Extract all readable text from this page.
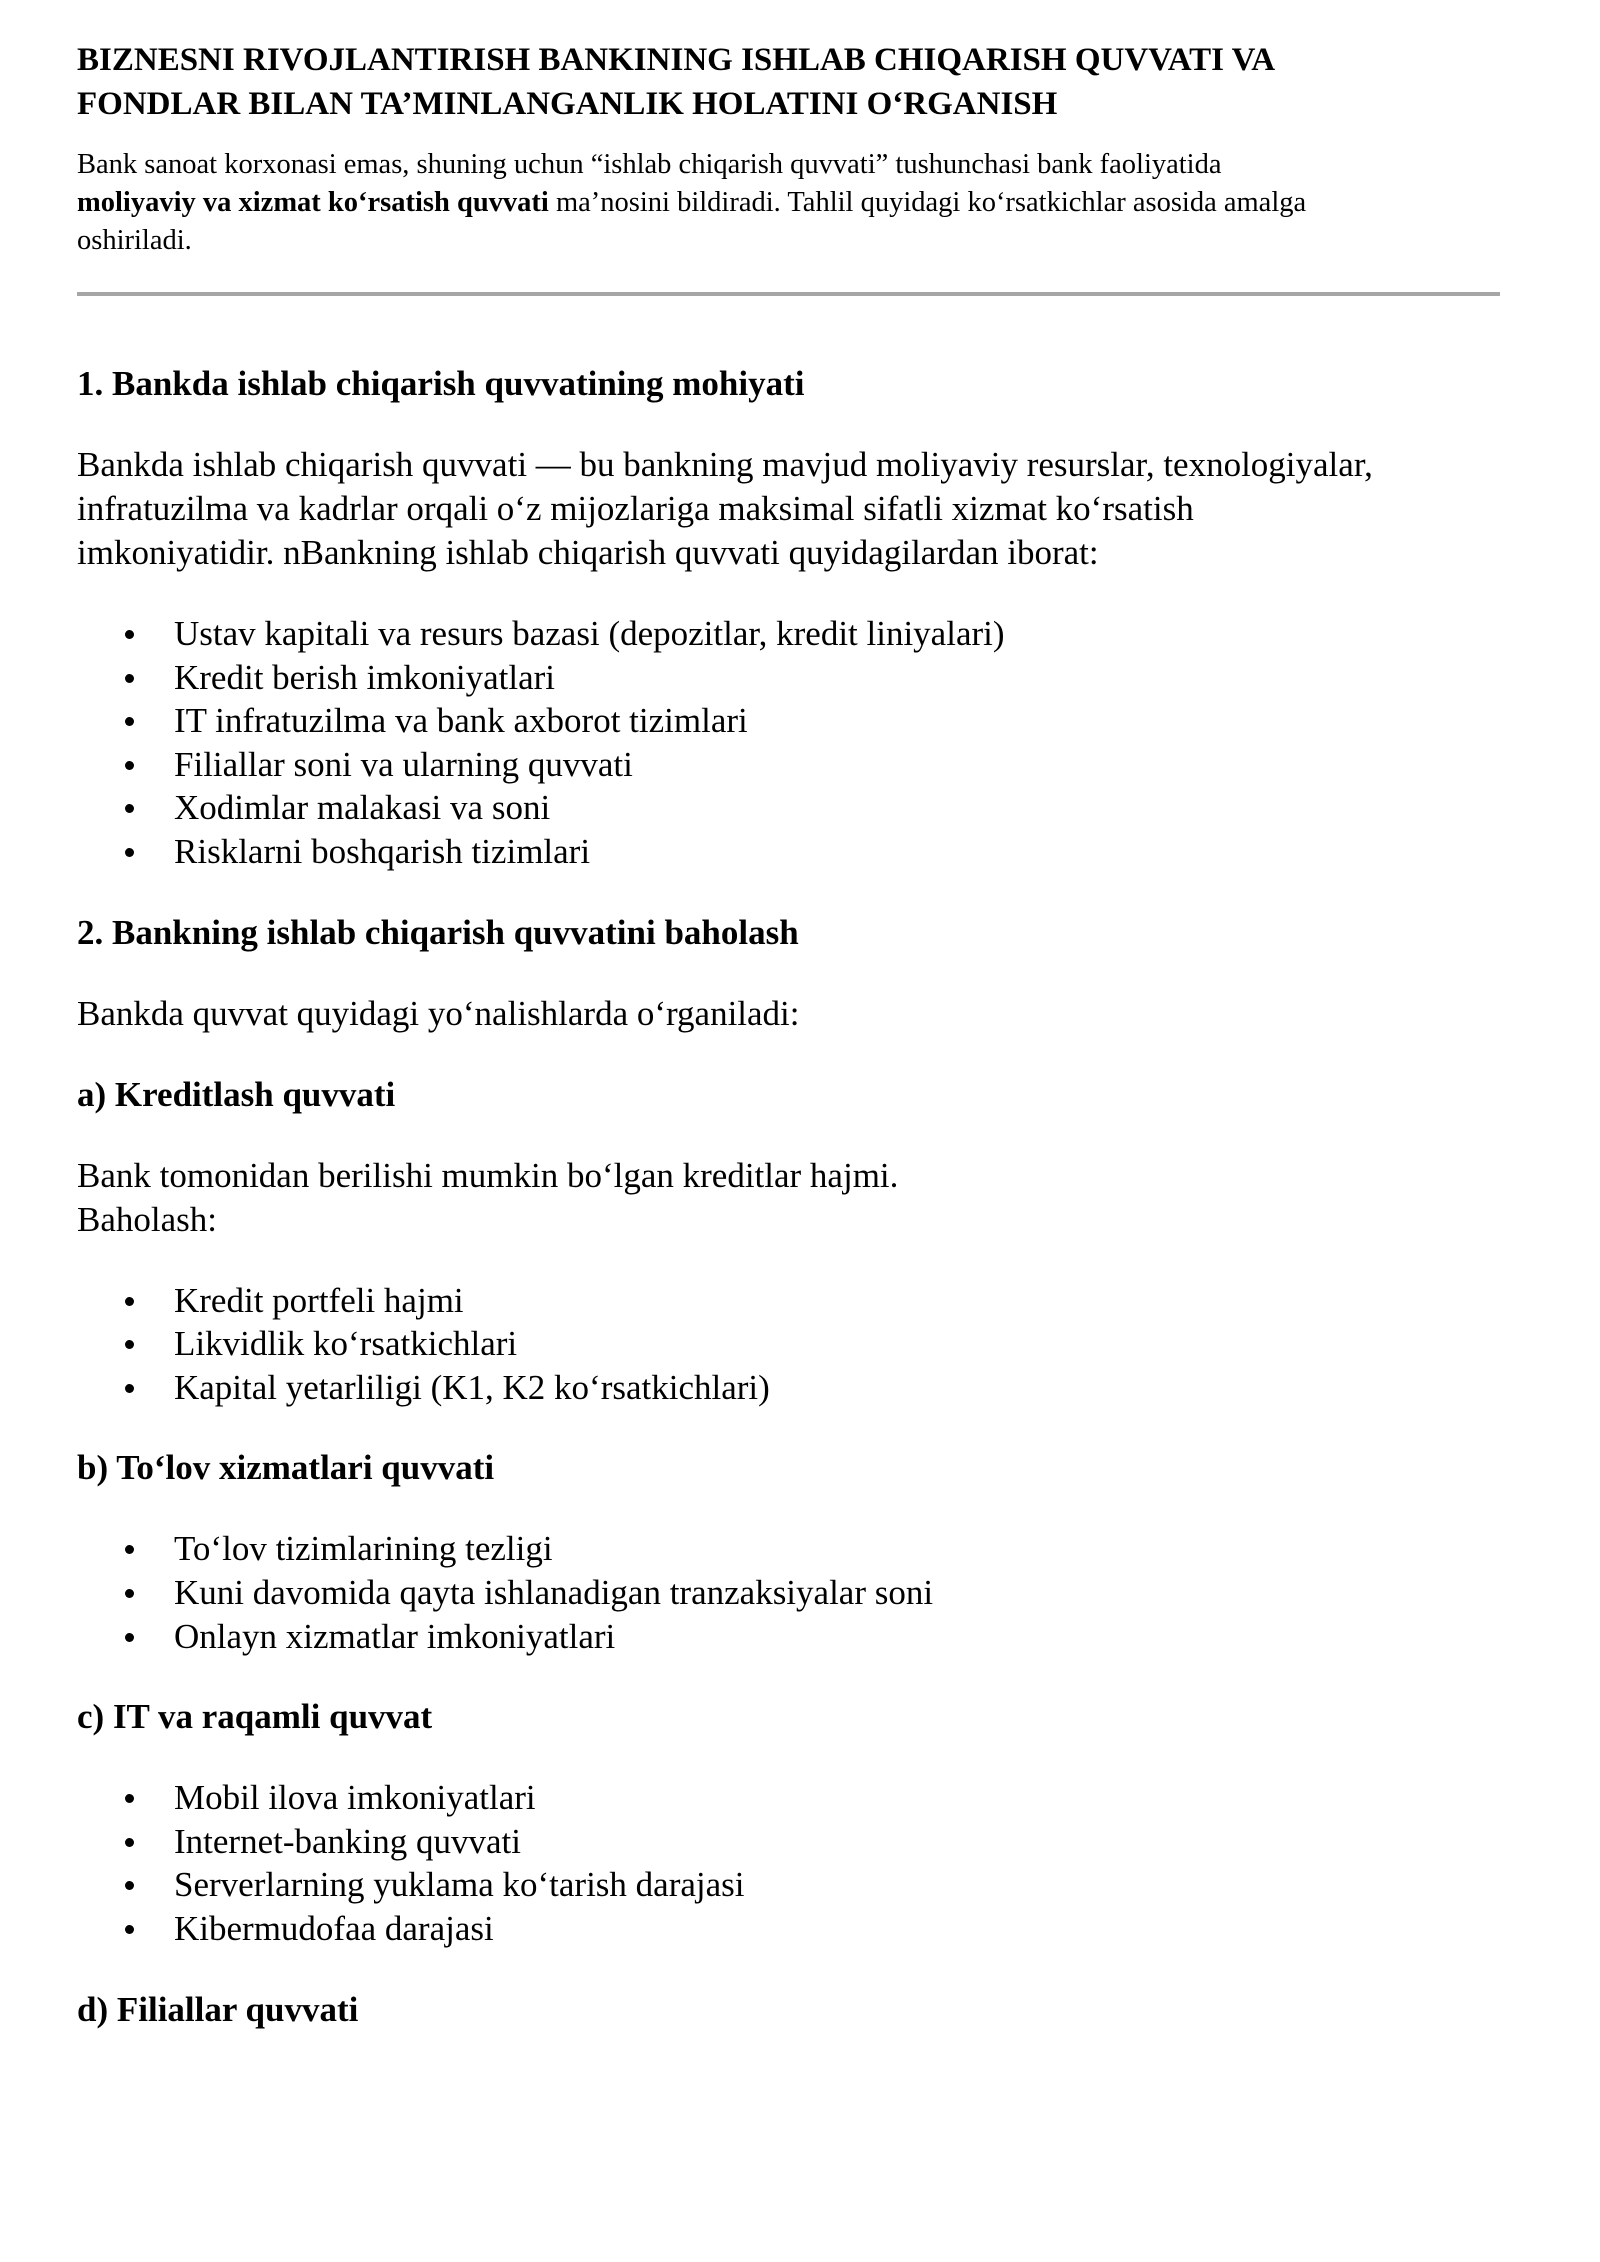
BIZNESNI RIVOJLANTIRISH BANKINING ISHLAB CHIQARISH QUVVATI VA
FONDLAR BILAN TA’MINLANGANLIK HOLATINI O‘RGANISH

Bank sanoat korxonasi emas, shuning uchun “ishlab chiqarish quvvati” tushunchasi bank faoliyatida
moliyaviy va xizmat ko‘rsatish quvvati ma’nosini bildiradi. Tahlil quyidagi ko‘rsatkichlar asosida amalga
oshiriladi.

1. Bankda ishlab chiqarish quvvatining mohiyati

Bankda ishlab chiqarish quvvati — bu bankning mavjud moliyaviy resurslar, texnologiyalar,
infratuzilma va kadrlar orqali o‘z mijozlariga maksimal sifatli xizmat ko‘rsatish
imkoniyatidir. nBankning ishlab chiqarish quvvati quyidagilardan iborat:

Ustav kapitali va resurs bazasi (depozitlar, kredit liniyalari)
Kredit berish imkoniyatlari
IT infratuzilma va bank axborot tizimlari
Filiallar soni va ularning quvvati
Xodimlar malakasi va soni
Risklarni boshqarish tizimlari
2. Bankning ishlab chiqarish quvvatini baholash

Bankda quvvat quyidagi yo‘nalishlarda o‘rganiladi:

a) Kreditlash quvvati

Bank tomonidan berilishi mumkin bo‘lgan kreditlar hajmi.
Baholash:

Kredit portfeli hajmi
Likvidlik ko‘rsatkichlari
Kapital yetarliligi (K1, K2 ko‘rsatkichlari)
b) To‘lov xizmatlari quvvati
To‘lov tizimlarining tezligi
Kuni davomida qayta ishlanadigan tranzaksiyalar soni
Onlayn xizmatlar imkoniyatlari
c) IT va raqamli quvvat
Mobil ilova imkoniyatlari
Internet-banking quvvati
Serverlarning yuklama ko‘tarish darajasi
Kibermudofaa darajasi
d) Filiallar quvvati
